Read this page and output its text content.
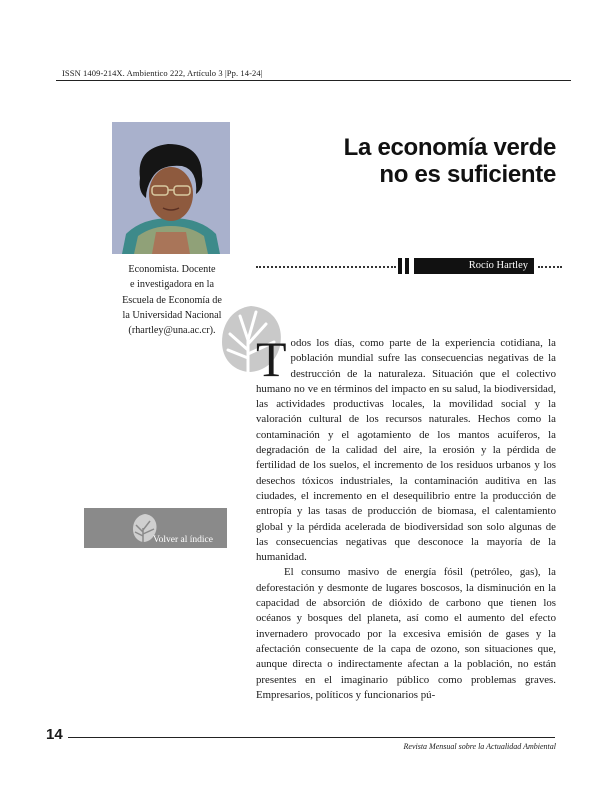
ISSN 1409-214X. Ambientico 222, Artículo 3 |Pp. 14-24|
Economista. Docente
e investigadora en la
Escuela de Economía de
la Universidad Nacional
(rhartley@una.ac.cr).
La economía verde
no es suficiente
Rocío Hartley

Todos los días, como parte de la experiencia cotidiana, la población mundial sufre las consecuencias negativas de la destrucción de la naturaleza. Situación que el colectivo humano no ve en términos del impacto en su salud, la biodiversidad, las actividades productivas locales, la movilidad social y la valoración cultural de los recursos naturales. Hechos como la contaminación y el agotamiento de los mantos acuíferos, la degradación de la calidad del aire, la erosión y la pérdida de fertilidad de los suelos, el incremento de los residuos urbanos y los desechos tóxicos industriales, la contaminación auditiva en las ciudades, el incremento en el desequilibrio entre la producción de entropía y las tasas de producción de biomasa, el calentamiento global y la pérdida acelerada de biodiversidad son solo algunas de las consecuencias negativas que desconoce la mayoría de la humanidad.

El consumo masivo de energía fósil (petróleo, gas), la deforestación y desmonte de lugares boscosos, la disminución en la capacidad de absorción de dióxido de carbono que tienen los océanos y bosques del planeta, así como el aumento del efecto invernadero provocado por la excesiva emisión de gases y la afectación consecuente de la capa de ozono, son situaciones que, aunque directa o indirectamente afectan a la población, no están presentes en el imaginario público como problemas graves. Empresarios, políticos y funcionarios pú-

Volver al índice
14
Revista Mensual sobre la Actualidad Ambiental
